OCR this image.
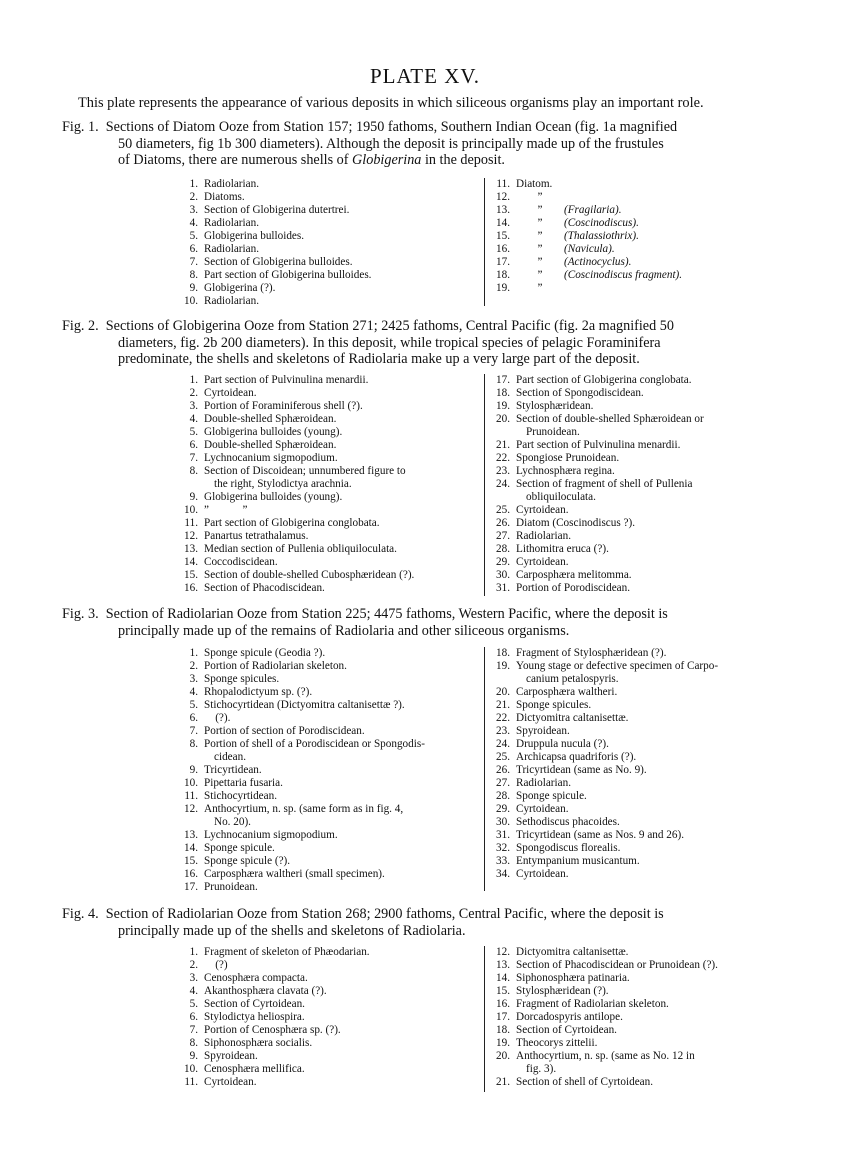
PLATE XV.
This plate represents the appearance of various deposits in which siliceous organisms play an important role.
Fig. 1. Sections of Diatom Ooze from Station 157; 1950 fathoms, Southern Indian Ocean (fig. 1a magnified
50 diameters, fig 1b 300 diameters). Although the deposit is principally made up of the frustules
of Diatoms, there are numerous shells of Globigerina in the deposit.
1. Radiolarian.
2. Diatoms.
3. Section of Globigerina dutertrei.
4. Radiolarian.
5. Globigerina bulloides.
6. Radiolarian.
7. Section of Globigerina bulloides.
8. Part section of Globigerina bulloides.
9. Globigerina (?).
10. Radiolarian.
11. Diatom.
12.	”
13.	”	(Fragilaria).
14.	”	(Coscinodiscus).
15.	”	(Thalassiothrix).
16.	”	(Navicula).
17.	”	(Actinocyclus).
18.	”	(Coscinodiscus fragment).
19.	”
Fig. 2. Sections of Globigerina Ooze from Station 271; 2425 fathoms, Central Pacific (fig. 2a magnified 50
diameters, fig. 2b 200 diameters). In this deposit, while tropical species of pelagic Foraminifera
predominate, the shells and skeletons of Radiolaria make up a very large part of the deposit.
1. Part section of Pulvinulina menardii.
2. Cyrtoidean.
3. Portion of Foraminiferous shell (?).
4. Double-shelled Sphæroidean.
5. Globigerina bulloides (young).
6. Double-shelled Sphæroidean.
7. Lychnocanium sigmopodium.
8. Section of Discoidean; unnumbered figure to
the right, Stylodictya arachnia.
9. Globigerina bulloides (young).
10. ”            ”
11. Part section of Globigerina conglobata.
12. Panartus tetrathalamus.
13. Median section of Pullenia obliquiloculata.
14. Coccodiscidean.
15. Section of double-shelled Cubosphæridean (?).
16. Section of Phacodiscidean.
17. Part section of Globigerina conglobata.
18. Section of Spongodiscidean.
19. Stylosphæridean.
20. Section of double-shelled Sphæroidean or
Prunoidean.
21. Part section of Pulvinulina menardii.
22. Spongiose Prunoidean.
23. Lychnosphæra regina.
24. Section of fragment of shell of Pullenia
obliquiloculata.
25. Cyrtoidean.
26. Diatom (Coscinodiscus ?).
27. Radiolarian.
28. Lithomitra eruca (?).
29. Cyrtoidean.
30. Carposphæra melitomma.
31. Portion of Porodiscidean.
Fig. 3. Section of Radiolarian Ooze from Station 225; 4475 fathoms, Western Pacific, where the deposit is
principally made up of the remains of Radiolaria and other siliceous organisms.
1. Sponge spicule (Geodia ?).
2. Portion of Radiolarian skeleton.
3. Sponge spicules.
4. Rhopalodictyum sp. (?).
5. Stichocyrtidean (Dictyomitra caltanisettæ ?).
6. (?).
7. Portion of section of Porodiscidean.
8. Portion of shell of a Porodiscidean or Spongodis-
cidean.
9. Tricyrtidean.
10. Pipettaria fusaria.
11. Stichocyrtidean.
12. Anthocyrtium, n. sp. (same form as in fig. 4,
No. 20).
13. Lychnocanium sigmopodium.
14. Sponge spicule.
15. Sponge spicule (?).
16. Carposphæra waltheri (small specimen).
17. Prunoidean.
18. Fragment of Stylosphæridean (?).
19. Young stage or defective specimen of Carpo-
canium petalospyris.
20. Carposphæra waltheri.
21. Sponge spicules.
22. Dictyomitra caltanisettæ.
23. Spyroidean.
24. Druppula nucula (?).
25. Archicapsa quadriforis (?).
26. Tricyrtidean (same as No. 9).
27. Radiolarian.
28. Sponge spicule.
29. Cyrtoidean.
30. Sethodiscus phacoides.
31. Tricyrtidean (same as Nos. 9 and 26).
32. Spongodiscus florealis.
33. Entympanium musicantum.
34. Cyrtoidean.
Fig. 4. Section of Radiolarian Ooze from Station 268; 2900 fathoms, Central Pacific, where the deposit is
principally made up of the shells and skeletons of Radiolaria.
1. Fragment of skeleton of Phæodarian.
2. (?)
3. Cenosphæra compacta.
4. Akanthosphæra clavata (?).
5. Section of Cyrtoidean.
6. Stylodictya heliospira.
7. Portion of Cenosphæra sp. (?).
8. Siphonosphæra socialis.
9. Spyroidean.
10. Cenosphæra mellifica.
11. Cyrtoidean.
12. Dictyomitra caltanisettæ.
13. Section of Phacodiscidean or Prunoidean (?).
14. Siphonosphæra patinaria.
15. Stylosphæridean (?).
16. Fragment of Radiolarian skeleton.
17. Dorcadospyris antilope.
18. Section of Cyrtoidean.
19. Theocorys zittelii.
20. Anthocyrtium, n. sp. (same as No. 12 in
fig. 3).
21. Section of shell of Cyrtoidean.
